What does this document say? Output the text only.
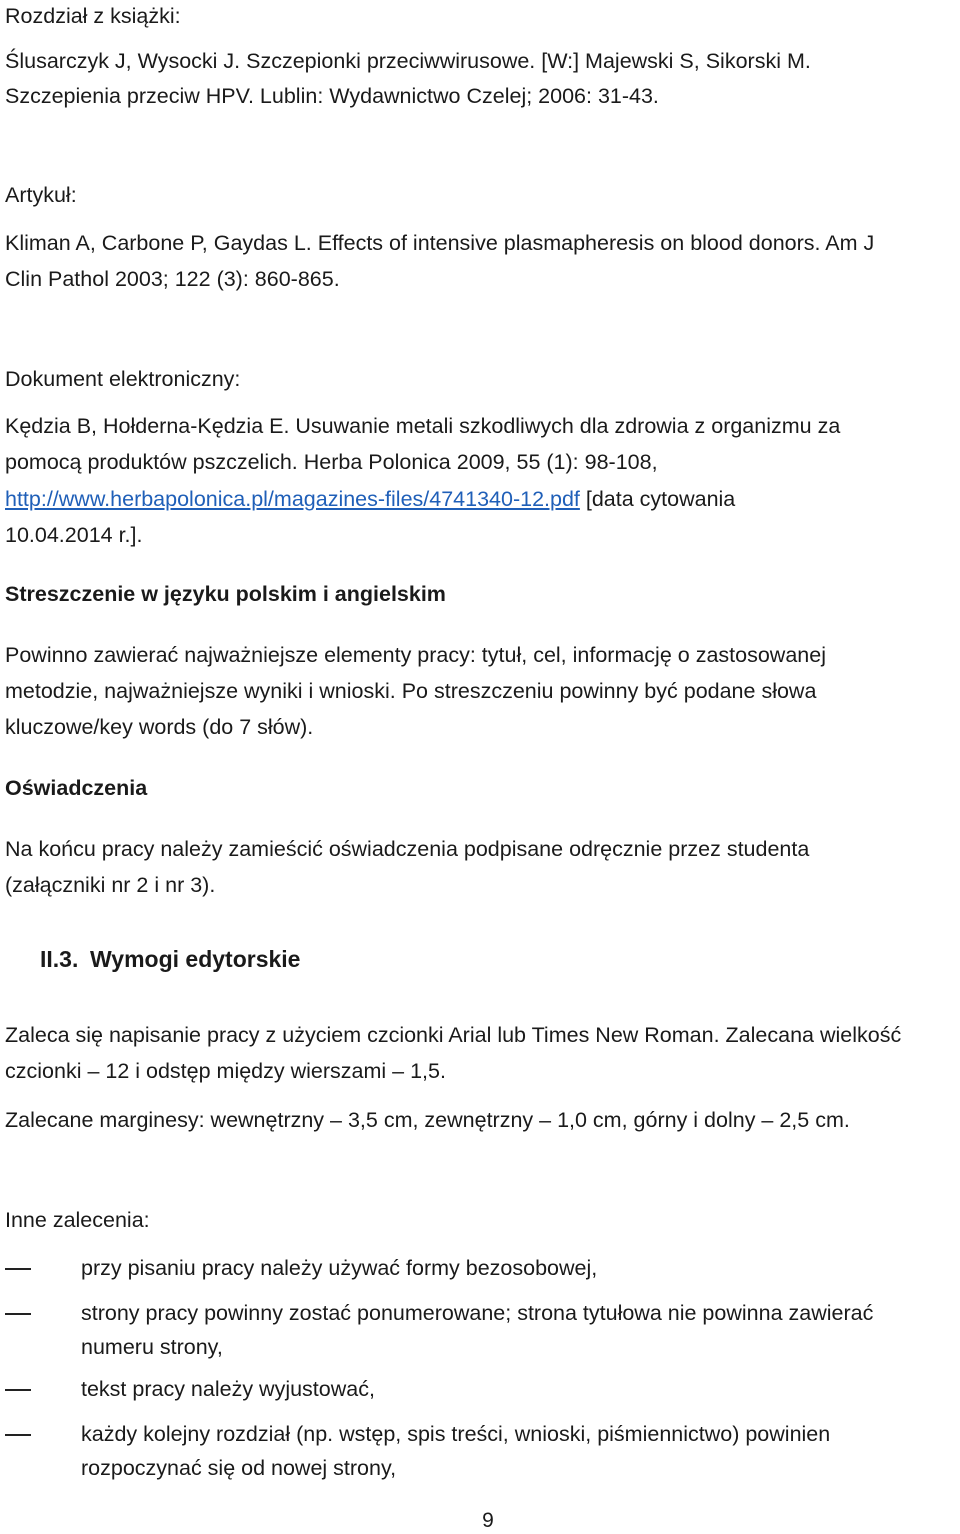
Rozdział z książki:

Ślusarczyk J, Wysocki J. Szczepionki przeciwwirusowe. [W:] Majewski S, Sikorski M.

Szczepienia przeciw HPV. Lublin: Wydawnictwo Czelej; 2006: 31-43.

Artykuł:

Kliman A, Carbone P, Gaydas L. Effects of intensive plasmapheresis on blood donors. Am J

Clin Pathol 2003; 122 (3): 860-865.

Dokument elektroniczny:

Kędzia B, Hołderna-Kędzia E. Usuwanie metali szkodliwych dla zdrowia z organizmu za

pomocą produktów pszczelich. Herba Polonica 2009, 55 (1): 98-108,

http://www.herbapolonica.pl/magazines-files/4741340-12.pdf [data cytowania

10.04.2014 r.].

Streszczenie w języku polskim i angielskim

Powinno zawierać najważniejsze elementy pracy: tytuł, cel, informację o zastosowanej

metodzie, najważniejsze wyniki i wnioski. Po streszczeniu powinny być podane słowa

kluczowe/key words (do 7 słów).

Oświadczenia

Na końcu pracy należy zamieścić oświadczenia podpisane odręcznie przez studenta

(załączniki nr 2 i nr 3).

II.3. Wymogi edytorskie

Zaleca się napisanie pracy z użyciem czcionki Arial lub Times New Roman. Zalecana wielkość

czcionki – 12 i odstęp między wierszami – 1,5.

Zalecane marginesy: wewnętrzny – 3,5 cm, zewnętrzny – 1,0 cm, górny i dolny – 2,5 cm.

Inne zalecenia:

przy pisaniu pracy należy używać formy bezosobowej,
strony pracy powinny zostać ponumerowane; strona tytułowa nie powinna zawierać numeru strony,
tekst pracy należy wyjustować,
każdy kolejny rozdział (np. wstęp, spis treści, wnioski, piśmiennictwo) powinien rozpoczynać się od nowej strony,
9
